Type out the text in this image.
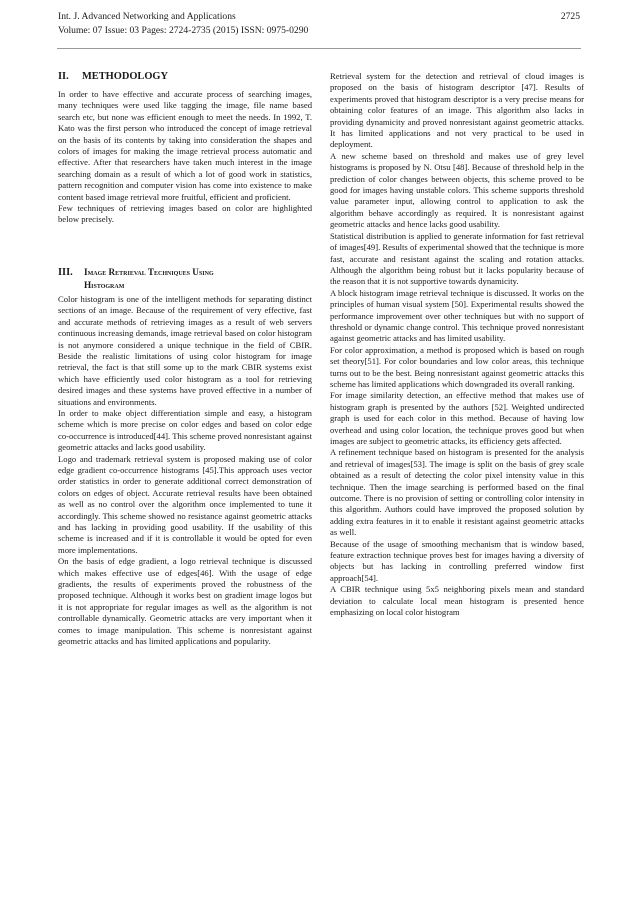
Int. J. Advanced Networking and Applications
Volume: 07 Issue: 03 Pages: 2724-2735 (2015) ISSN: 0975-0290
2725
II.	METHODOLOGY

In order to have effective and accurate process of searching images, many techniques were used like tagging the image, file name based search etc, but none was efficient enough to meet the needs. In 1992, T. Kato was the first person who introduced the concept of image retrieval on the basis of its contents by taking into consideration the shapes and colors of images for making the image retrieval process automatic and effective. After that researchers have taken much interest in the image searching domain as a result of which a lot of good work in statistics, pattern recognition and computer vision has come into existence to make content based image retrieval more fruitful, efficient and proficient.

Few techniques of retrieving images based on color are highlighted below precisely.

III.	Image Retrieval Techniques Using
Histogram

Color histogram is one of the intelligent methods for separating distinct sections of an image. Because of the requirement of very effective, fast and accurate methods of retrieving images as a result of web servers continuous increasing demands, image retrieval based on color histogram is not anymore considered a unique technique in the field of CBIR. Beside the realistic limitations of using color histogram for image retrieval, the fact is that still some up to the mark CBIR systems exist which have efficiently used color histogram as a tool for retrieving desired images and these systems have proved effective in a number of situations and environments.

In order to make object differentiation simple and easy, a histogram scheme which is more precise on color edges and based on color edge co-occurrence is introduced[44]. This scheme proved nonresistant against geometric attacks and lacks good usability.

Logo and trademark retrieval system is proposed making use of color edge gradient co-occurrence histograms [45].This approach uses vector order statistics in order to generate additional correct demonstration of colors on edges of object. Accurate retrieval results have been obtained as well as no control over the algorithm once implemented to tune it accordingly. This scheme showed no resistance against geometric attacks and has lacking in providing good usability. If the usability of this scheme is increased and if it is controllable it would be opted for even more implementations.

On the basis of edge gradient, a logo retrieval technique is discussed which makes effective use of edges[46]. With the usage of edge gradients, the results of experiments proved the robustness of the proposed technique. Although it works best on gradient image logos but it is not appropriate for regular images as well as the algorithm is not controllable dynamically. Geometric attacks are very important when it comes to image manipulation. This scheme is nonresistant against geometric attacks and has limited applications and popularity.

Retrieval system for the detection and retrieval of cloud images is proposed on the basis of histogram descriptor [47]. Results of experiments proved that histogram descriptor is a very precise means for obtaining color features of an image. This algorithm also lacks in providing dynamicity and proved nonresistant against geometric attacks. It has limited applications and not very practical to be used in deployment.

A new scheme based on threshold and makes use of grey level histograms is proposed by N. Otsu [48]. Because of threshold help in the prediction of color changes between objects, this scheme proved to be good for images having unstable colors. This scheme supports threshold value parameter input, allowing control to application to ask the algorithm behave accordingly as required. It is nonresistant against geometric attacks and hence lacks good usability.

Statistical distribution is applied to generate information for fast retrieval of images[49]. Results of experimental showed that the technique is more fast, accurate and resistant against the scaling and rotation attacks. Although the algorithm being robust but it lacks popularity because of the reason that it is not supportive towards dynamicity.

A block histogram image retrieval technique is discussed. It works on the principles of human visual system [50]. Experimental results showed the performance improvement over other techniques but with no support of threshold or dynamic change control. This technique proved nonresistant against geometric attacks and has limited usability.

For color approximation, a method is proposed which is based on rough set theory[51]. For color boundaries and low color areas, this technique turns out to be the best. Being nonresistant against geometric attacks this scheme has limited applications which downgraded its overall ranking.

For image similarity detection, an effective method that makes use of histogram graph is presented by the authors [52]. Weighted undirected graph is used for each color in this method. Because of having low overhead and using color location, the technique proves good but when images are subject to geometric attacks, its efficiency gets affected.

A refinement technique based on histogram is presented for the analysis and retrieval of images[53]. The image is split on the basis of grey scale obtained as a result of detecting the color pixel intensity value in this technique. Then the image searching is performed based on the final outcome. There is no provision of setting or controlling color intensity in this algorithm. Authors could have improved the proposed solution by adding extra features in it to enable it resistant against geometric attacks as well.

Because of the usage of smoothing mechanism that is window based, feature extraction technique proves best for images having a diversity of objects but has lacking in controlling preferred window first approach[54].

A CBIR technique using 5x5 neighboring pixels mean and standard deviation to calculate local mean histogram is presented hence emphasizing on local color histogram
